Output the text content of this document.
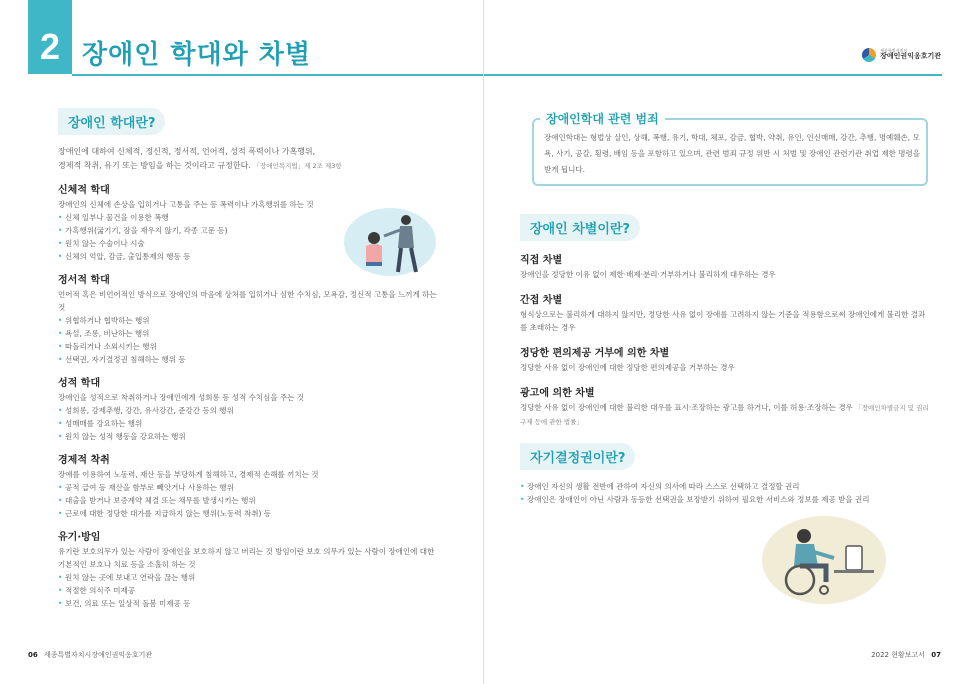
2 장애인 학대와 차별
장애인 학대란?

장애인에 대하여 신체적, 정신적, 정서적, 언어적, 성적 폭력이나 가혹행위,
경제적 착취, 유기 또는 방임을 하는 것이라고 규정한다. 「장애인복지법」제 2조 제3항

신체적 학대
장애인의 신체에 손상을 입히거나 고통을 주는 등 폭력이나 가혹행위를 하는 것
• 신체 일부나 물건을 이용한 폭행
• 가혹행위(굶기기, 잠을 재우지 않기, 각종 고문 등)
• 원치 않는 수술이나 시술
• 신체의 억압, 감금, 출입통제의 행동 등
정서적 학대
언어적 혹은 비언어적인 방식으로 장애인의 마음에 상처를 입히거나 심한 수치심, 모욕감, 정신적 고통을 느끼게 하는 것
• 위협하거나 협박하는 행위
• 욕설, 조롱, 비난하는 행위
• 따돌리거나 소외시키는 행위
• 선택권, 자기결정권 침해하는 행위 등
성적 학대
장애인을 성적으로 착취하거나 장애인에게 성희롱 등 성적 수치심을 주는 것
• 성희롱, 강제추행, 강간, 유사강간, 준강간 등의 행위
• 성매매를 강요하는 행위
• 원치 않는 성적 행동을 강요하는 행위
경제적 착취
장애를 이용하여 노동력, 재산 등을 부당하게 침해하고, 경제적 손해를 끼치는 것
• 공적 급여 등 재산을 함부로 빼앗거나 사용하는 행위
• 대출을 받거나 보증계약 체결 또는 채무를 발생시키는 행위
• 근로에 대한 정당한 대가를 지급하지 않는 행위(노동력 착취) 등
유기·방임
유기란 보호의무가 있는 사람이 장애인을 보호하지 않고 버리는 것 방임이란 보호 의무가 있는 사람이 장애인에 대한 기본적인 보호나 치료 등을 소홀히 하는 것
• 원치 않는 곳에 보내고 연락을 끊는 행위
• 적절한 의식주 미제공
• 보건, 의료 또는 일상적 돌봄 미제공 등
06 세종특별자치시장애인권익옹호기관
세종특별자치시
장애인권익옹호기관
장애인학대 관련 범죄
장애인학대는 형법상 살인, 상해, 폭행, 유기, 학대, 체포, 감금, 협박, 약취, 유인, 인신매매, 강간, 추행, 명예훼손, 모욕, 사기, 공갈, 횡령, 배임 등을 포함하고 있으며, 관련 범죄 규정 위반 시 처벌 및 장애인 관련기관 취업 제한 명령을 받게 됩니다.
장애인 차별이란?
직접 차별
장애인을 정당한 이유 없이 제한·배제·분리·거부하거나 불리하게 대우하는 경우
간접 차별
형식상으로는 불리하게 대하지 않지만, 정당한 사유 없이 장애를 고려하지 않는 기준을 적용함으로써 장애인에게 불리한 결과를 초래하는 경우
정당한 편의제공 거부에 의한 차별
정당한 사유 없이 장애인에 대한 정당한 편의제공을 거부하는 경우
광고에 의한 차별
정당한 사유 없이 장애인에 대한 불리한 대우를 표시·조장하는 광고를 하거나, 이를 허용·조장하는 경우 「장애인차별금지 및 권리구제 등에 관한 법률」
자기결정권이란?
• 장애인 자신의 생활 전반에 관하여 자신의 의사에 따라 스스로 선택하고 결정할 권리
• 장애인은 장애인이 아닌 사람과 동등한 선택권을 보장받기 위하여 필요한 서비스와 정보를 제공 받을 권리
2022 현황보고서 07
